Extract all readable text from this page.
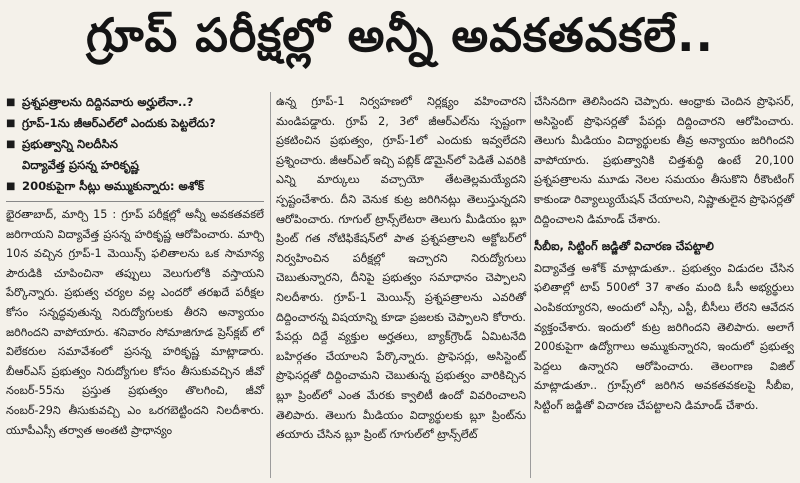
గ్రూప్ పరీక్షల్లో అన్నీ అవకతవకలే..
■ ప్రశ్నపత్రాలను దిద్దినవారు అర్హులేనా..?
■ గ్రూప్-1ను జీఆర్ఎల్‌లో ఎందుకు పెట్టలేదు?
■ ప్రభుత్వాన్ని నిలదీసిన
విద్యావేత్త ప్రసన్న హరికృష్ణ
■ 200కుపైగా సీట్లు అమ్ముకున్నారు: అశోక్

భైరతాబాద్, మార్చి 15 : గ్రూప్ పరీక్షల్లో అన్నీ అవకతవకలే జరిగాయని విద్యావేత్త ప్రసన్న హరికృష్ణ ఆరోపించారు. మార్చి 10న వచ్చిన గ్రూప్-1 మెయిన్స్ ఫలితాలను ఒక సామాన్య పౌరుడికి చూపించినా తప్పులు వెలుగులోకి వస్తాయని పేర్కొన్నారు. ప్రభుత్వ చర్యల వల్ల ఎందరో తరఖదే పరీక్షల కోసం సన్నద్ధవుతున్న నిరుద్యోగులకు తీరని అన్యాయం జరిగిందని వాపోయారు. శనివారం సోమాజిగూడ ప్రెస్‌క్లబ్ లో విలేకరుల సమావేశంలో ప్రసన్న హరికృష్ణ మాట్లాడారు. బీఆర్ఎస్ ప్రభుత్వం నిరుద్యోగుల కోసం తీసుకువచ్చిన జీవో నంబర్-55ను ప్రస్తుత ప్రభుత్వం తొలగించి, జీవో నంబర్-29ని తీసుకువచ్చి ఎం ఒరగబెట్టిందని నిలదీశారు. యూపీఎస్సీ తర్వాత అంతటి ప్రాధాన్యం

ఉన్న గ్రూప్-1 నిర్వహణలో నిర్లక్ష్యం వహించారని మండిపడ్డారు. గ్రూప్ 2, 3లో జీఆర్ఎల్‌ను స్పష్టంగా ప్రకటించిన ప్రభుత్వం, గ్రూప్-1లో ఎందుకు ఇవ్వలేదని ప్రశ్నించారు. జీఆర్ఎల్ ఇచ్చి పబ్లిక్ డొమైన్‌లో పెడితే ఎవరికి ఎన్ని మార్కులు వచ్చాయో తేటతెల్లమయ్యేదని స్పష్టంచేశారు. దీని వెనుక కుట్ర జరిగినట్లు తెలుస్తున్నదని ఆరోపించారు. గూగుల్ ట్రాన్స్‌లేటరా తెలుగు మీడియం బ్లూ ప్రింట్ గత నోటిఫికేషన్‌లో పాత ప్రశ్నపత్రాలని అక్టోబర్‌లో నిర్వహించిన పరీక్షల్లో ఇచ్చారని నిరుద్యోగులు చెబుతున్నారని, దీనిపై ప్రభుత్వం సమాధానం చెప్పాలని నిలదీశారు. గ్రూప్-1 మెయిన్స్ ప్రశ్నపత్రాలను ఎవరితో దిద్దించారన్న విషయాన్ని కూడా ప్రజలకు చెప్పాలని కోరారు. పేపర్లు దిద్దే వ్యక్తుల అర్హతలు, బ్యాక్‌గ్రౌండ్ ఏమిటనేది బహిర్గతం చేయాలని పేర్కొన్నారు. ప్రొఫెసర్లు, అసిస్టెంట్ ప్రొఫెసర్లతో దిద్దించామని చెబుతున్న ప్రభుత్వం వారికిచ్చిన బ్లూ ప్రింట్‌లో ఎంత మేరకు క్వాలిటీ ఉందో వివరించాలని తెలిపారు. తెలుగు మీడియం విద్యార్థులకు బ్లూ ప్రింట్‌ను తయారు చేసిన బ్లూ ప్రింట్ గూగుల్‌లో ట్రాన్స్‌లేట్

చేసినదిగా తెలిసిందని చెప్పారు. ఆంధ్రాకు చెందిన ప్రొఫెసర్, అసిస్టెంట్ ప్రొఫెసర్లతో పేపర్లు దిద్దించారని ఆరోపించారు. తెలుగు మీడియం విద్యార్థులకు తీవ్ర అన్యాయం జరిగిందని వాపోయారు. ప్రభుత్వానికి చిత్తశుద్ధి ఉంటే 20,100 ప్రశ్నపత్రాలను మూడు నెలల సమయం తీసుకొని రీకౌంటింగ్ కాకుండా రివ్యాల్యుయేషన్ చేయాలని, నిష్ణాతులైన ప్రొఫెసర్లతో దిద్దించాలని డిమాండ్ చేశారు.

సీబీఐ, సిట్టింగ్ జడ్జితో విచారణ చేపట్టాలి

విద్యావేత్త అశోక్ మాట్లాడుతూ.. ప్రభుత్వం విడుదల చేసిన ఫలితాల్లో టాప్ 500లో 37 శాతం మంది ఓసీ అభ్యర్థులు ఎంపికయ్యారని, అందులో ఎస్సీ, ఎస్టీ, బీసీలు లేరని ఆవేదన వ్యక్తంచేశారు. ఇందులో కుట్ర జరిగిందని తెలిపారు. అలాగే 200కుపైగా ఉద్యోగాలు అమ్ముకున్నారని, ఇందులో ప్రభుత్వ పెద్దలు ఉన్నారని ఆరోపించారు. తెలంగాణ విజిల్ మాట్లాడుతూ.. గ్రూప్స్‌లో జరిగిన అవకతవకలపై సీబీఐ, సిట్టింగ్ జడ్జితో విచారణ చేపట్టాలని డిమాండ్ చేశారు.
